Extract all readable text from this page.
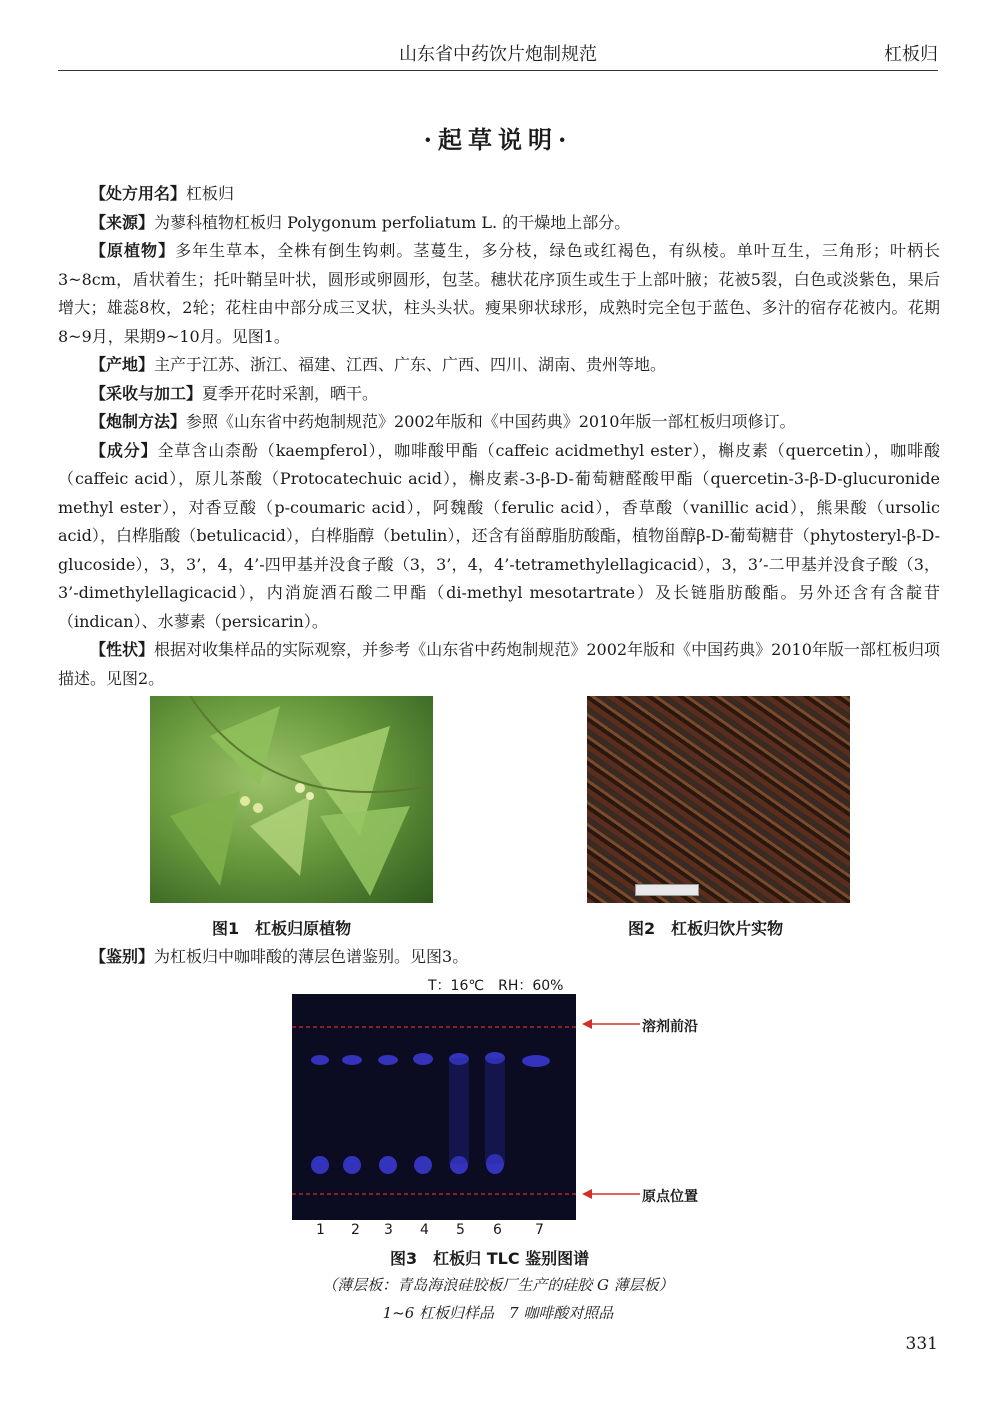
山东省中药饮片炮制规范	杠板归
·起草说明·

【处方用名】杠板归

【来源】为蓼科植物杠板归 Polygonum perfoliatum L. 的干燥地上部分。

【原植物】多年生草本，全株有倒生钩刺。茎蔓生，多分枝，绿色或红褐色，有纵棱。单叶互生，三角形；叶柄长3~8cm，盾状着生；托叶鞘呈叶状，圆形或卵圆形，包茎。穗状花序顶生或生于上部叶腋；花被5裂，白色或淡紫色，果后增大；雄蕊8枚，2轮；花柱由中部分成三叉状，柱头头状。瘦果卵状球形，成熟时完全包于蓝色、多汁的宿存花被内。花期8~9月，果期9~10月。见图1。

【产地】主产于江苏、浙江、福建、江西、广东、广西、四川、湖南、贵州等地。

【采收与加工】夏季开花时采割，晒干。

【炮制方法】参照《山东省中药炮制规范》2002年版和《中国药典》2010年版一部杠板归项修订。

【成分】全草含山柰酚（kaempferol），咖啡酸甲酯（caffeic acidmethyl ester），槲皮素（quercetin），咖啡酸（caffeic acid），原儿茶酸（Protocatechuic acid），槲皮素-3-β-D-葡萄糖醛酸甲酯（quercetin-3-β-D-glucuronide methyl ester），对香豆酸（p-coumaric acid），阿魏酸（ferulic acid），香草酸（vanillic acid），熊果酸（ursolic acid），白桦脂酸（betulicacid），白桦脂醇（betulin），还含有甾醇脂肪酸酯，植物甾醇β-D-葡萄糖苷（phytosteryl-β-D-glucoside），3，3’，4，4’-四甲基并没食子酸（3，3’，4，4’-tetramethylellagicacid），3，3’-二甲基并没食子酸（3，3’-dimethylellagicacid），内消旋酒石酸二甲酯（di-methyl mesotartrate）及长链脂肪酸酯。另外还含有含靛苷（indican）、水蓼素（persicarin）。

【性状】根据对收集样品的实际观察，并参考《山东省中药炮制规范》2002年版和《中国药典》2010年版一部杠板归项描述。见图2。

图1　杠板归原植物	图2　杠板归饮片实物
【鉴别】为杠板归中咖啡酸的薄层色谱鉴别。见图3。
T：16℃　RH：60%
溶剂前沿
原点位置
1 2 3 4 5 6 7
图3　杠板归 TLC 鉴别图谱
（薄层板：青岛海浪硅胶板厂生产的硅胶 G 薄层板）
1~6 杠板归样品　7 咖啡酸对照品
331
